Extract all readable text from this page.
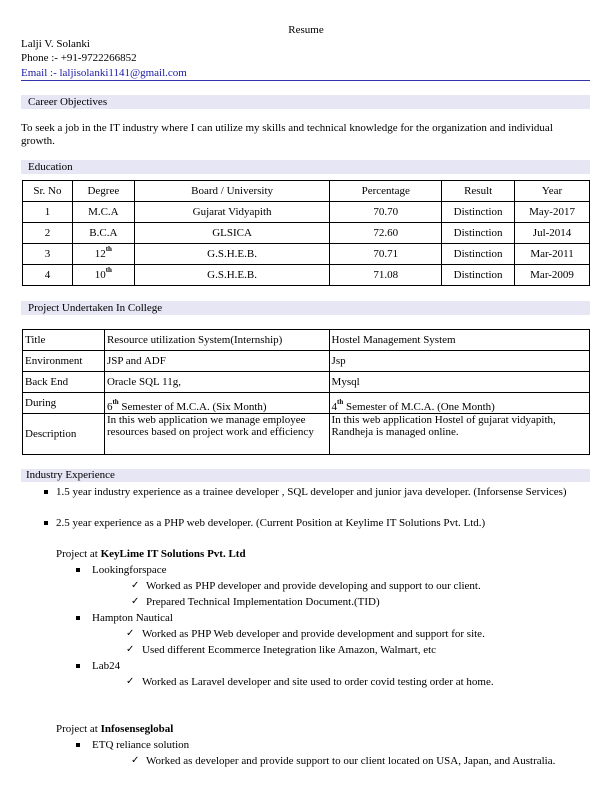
Resume
Lalji V. Solanki
Phone :- +91-9722266852
Email :- laljisolanki1141@gmail.com
Career Objectives
To seek a job in the IT industry where I can utilize my skills and technical knowledge for the organization and individual growth.
Education
Sr. No	Degree	Board / University	Percentage	Result	Year
1	M.C.A	Gujarat Vidyapith	70.70	Distinction	May-2017
2	B.C.A	GLSICA	72.60	Distinction	Jul-2014
3	12th	G.S.H.E.B.	70.71	Distinction	Mar-2011
4	10th	G.S.H.E.B.	71.08	Distinction	Mar-2009
Project Undertaken In College
Title	Resource utilization System(Internship)	Hostel Management System
Environment	JSP and ADF	Jsp
Back End	Oracle SQL 11g,	Mysql
During	6th Semester of M.C.A. (Six Month)	4th Semester of M.C.A. (One Month)
Description	In this web application we manage employee resources based on project work and efficiency	In this web application Hostel of gujarat vidyapith, Randheja is managed online.
Industry Experience
1.5 year industry experience as a trainee developer , SQL developer and junior java developer. (Inforsense Services)
2.5 year experience as a PHP web developer. (Current Position at Keylime IT Solutions Pvt. Ltd.)
Project at KeyLime IT Solutions Pvt. Ltd
Lookingforspace
✓ Worked as PHP developer and provide developing and support to our client.
✓ Prepared Technical Implementation Document.(TID)
Hampton Nautical
✓ Worked as PHP Web developer and provide development and support for site.
✓ Used different Ecommerce Inetegration like Amazon, Walmart, etc
Lab24
✓ Worked as Laravel developer and site used to order covid testing order at home.
Project at Infosenseglobal
ETQ reliance solution
✓ Worked as developer and provide support to our client located on USA, Japan, and Australia.
